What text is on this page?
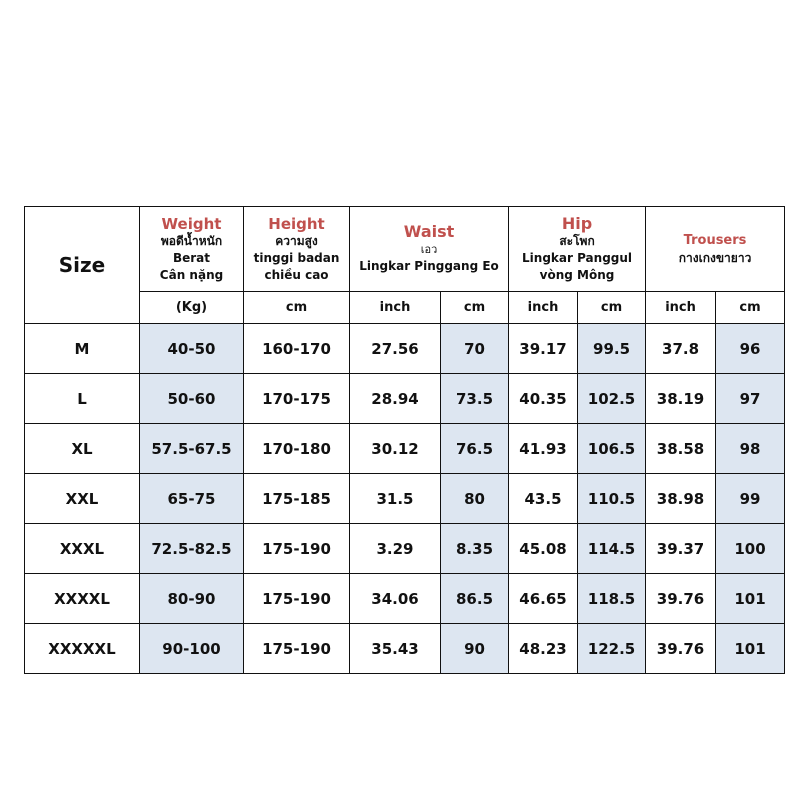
Size	Weight
พอดีน้ำหนัก
Berat
Cân nặng	Height
ความสูง
tinggi badan
chiều cao	Waist
เอว
Lingkar Pinggang Eo		Hip
สะโพก
Lingkar Panggul
vòng Mông		Trousers
กางเกงขายาว	

	(Kg)	cm	inch	cm	inch	cm	inch	cm
M	40-50	160-170	27.56	70	39.17	99.5	37.8	96
L	50-60	170-175	28.94	73.5	40.35	102.5	38.19	97
XL	57.5-67.5	170-180	30.12	76.5	41.93	106.5	38.58	98
XXL	65-75	175-185	31.5	80	43.5	110.5	38.98	99
XXXL	72.5-82.5	175-190	3.29	8.35	45.08	114.5	39.37	100
XXXXL	80-90	175-190	34.06	86.5	46.65	118.5	39.76	101
XXXXXL	90-100	175-190	35.43	90	48.23	122.5	39.76	101
